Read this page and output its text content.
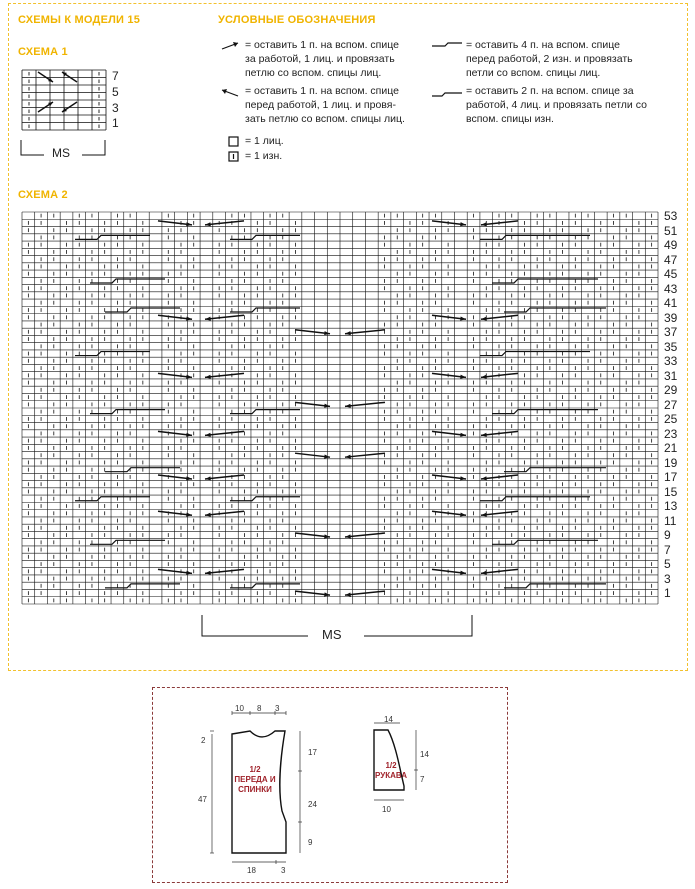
СХЕМЫ К МОДЕЛИ 15
СХЕМА 1
СХЕМА 2
УСЛОВНЫЕ ОБОЗНАЧЕНИЯ
= оставить 1 п. на вспом. спице
за работой, 1 лиц. и провязать
петлю со вспом. спицы лиц.
= оставить 1 п. на вспом. спице
перед работой, 1 лиц. и провя-
зать петлю со вспом. спицы лиц.
= 1 лиц.
= 1 изн.
= оставить 4 п. на вспом. спице
перед работой, 2 изн. и провязать
петли со вспом. спицы лиц.
= оставить 2 п. на вспом. спице за
работой, 4 лиц. и провязать петли со
вспом. спицы изн.
7
5
3
1
MS
MS
53
51
49
47
45
43
41
39
37
35
33
31
29
27
25
23
21
19
17
15
13
11
9
7
5
3
1
1/2
ПЕРЕДА И
СПИНКИ
1/2
РУКАВА
10 8 3
17
24
9
2
47
18	3
14
14
7
10
